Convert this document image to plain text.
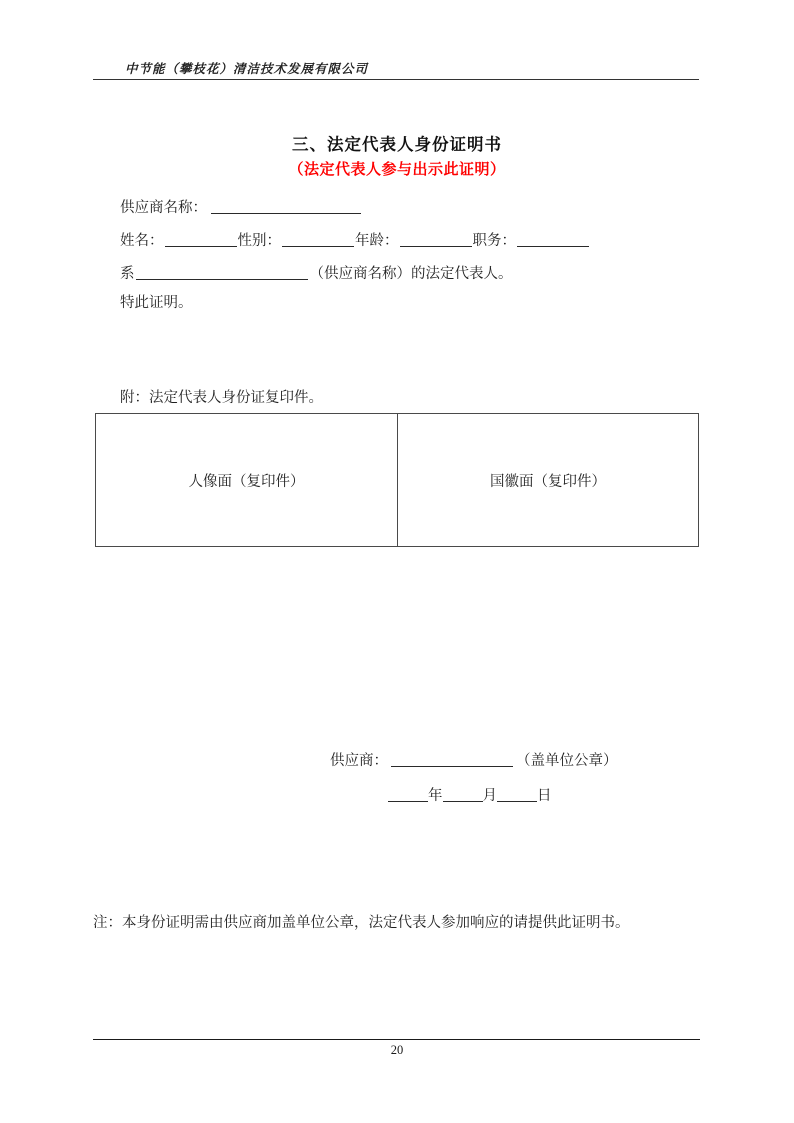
中节能（攀枝花）清洁技术发展有限公司
三、法定代表人身份证明书
（法定代表人参与出示此证明）
供应商名称：
姓名：	性别：	年龄：	职务：
系	（供应商名称）的法定代表人。
特此证明。
附：法定代表人身份证复印件。
人像面（复印件）	国徽面（复印件）
供应商：	（盖单位公章）
年	月	日
注：本身份证明需由供应商加盖单位公章，法定代表人参加响应的请提供此证明书。
20
